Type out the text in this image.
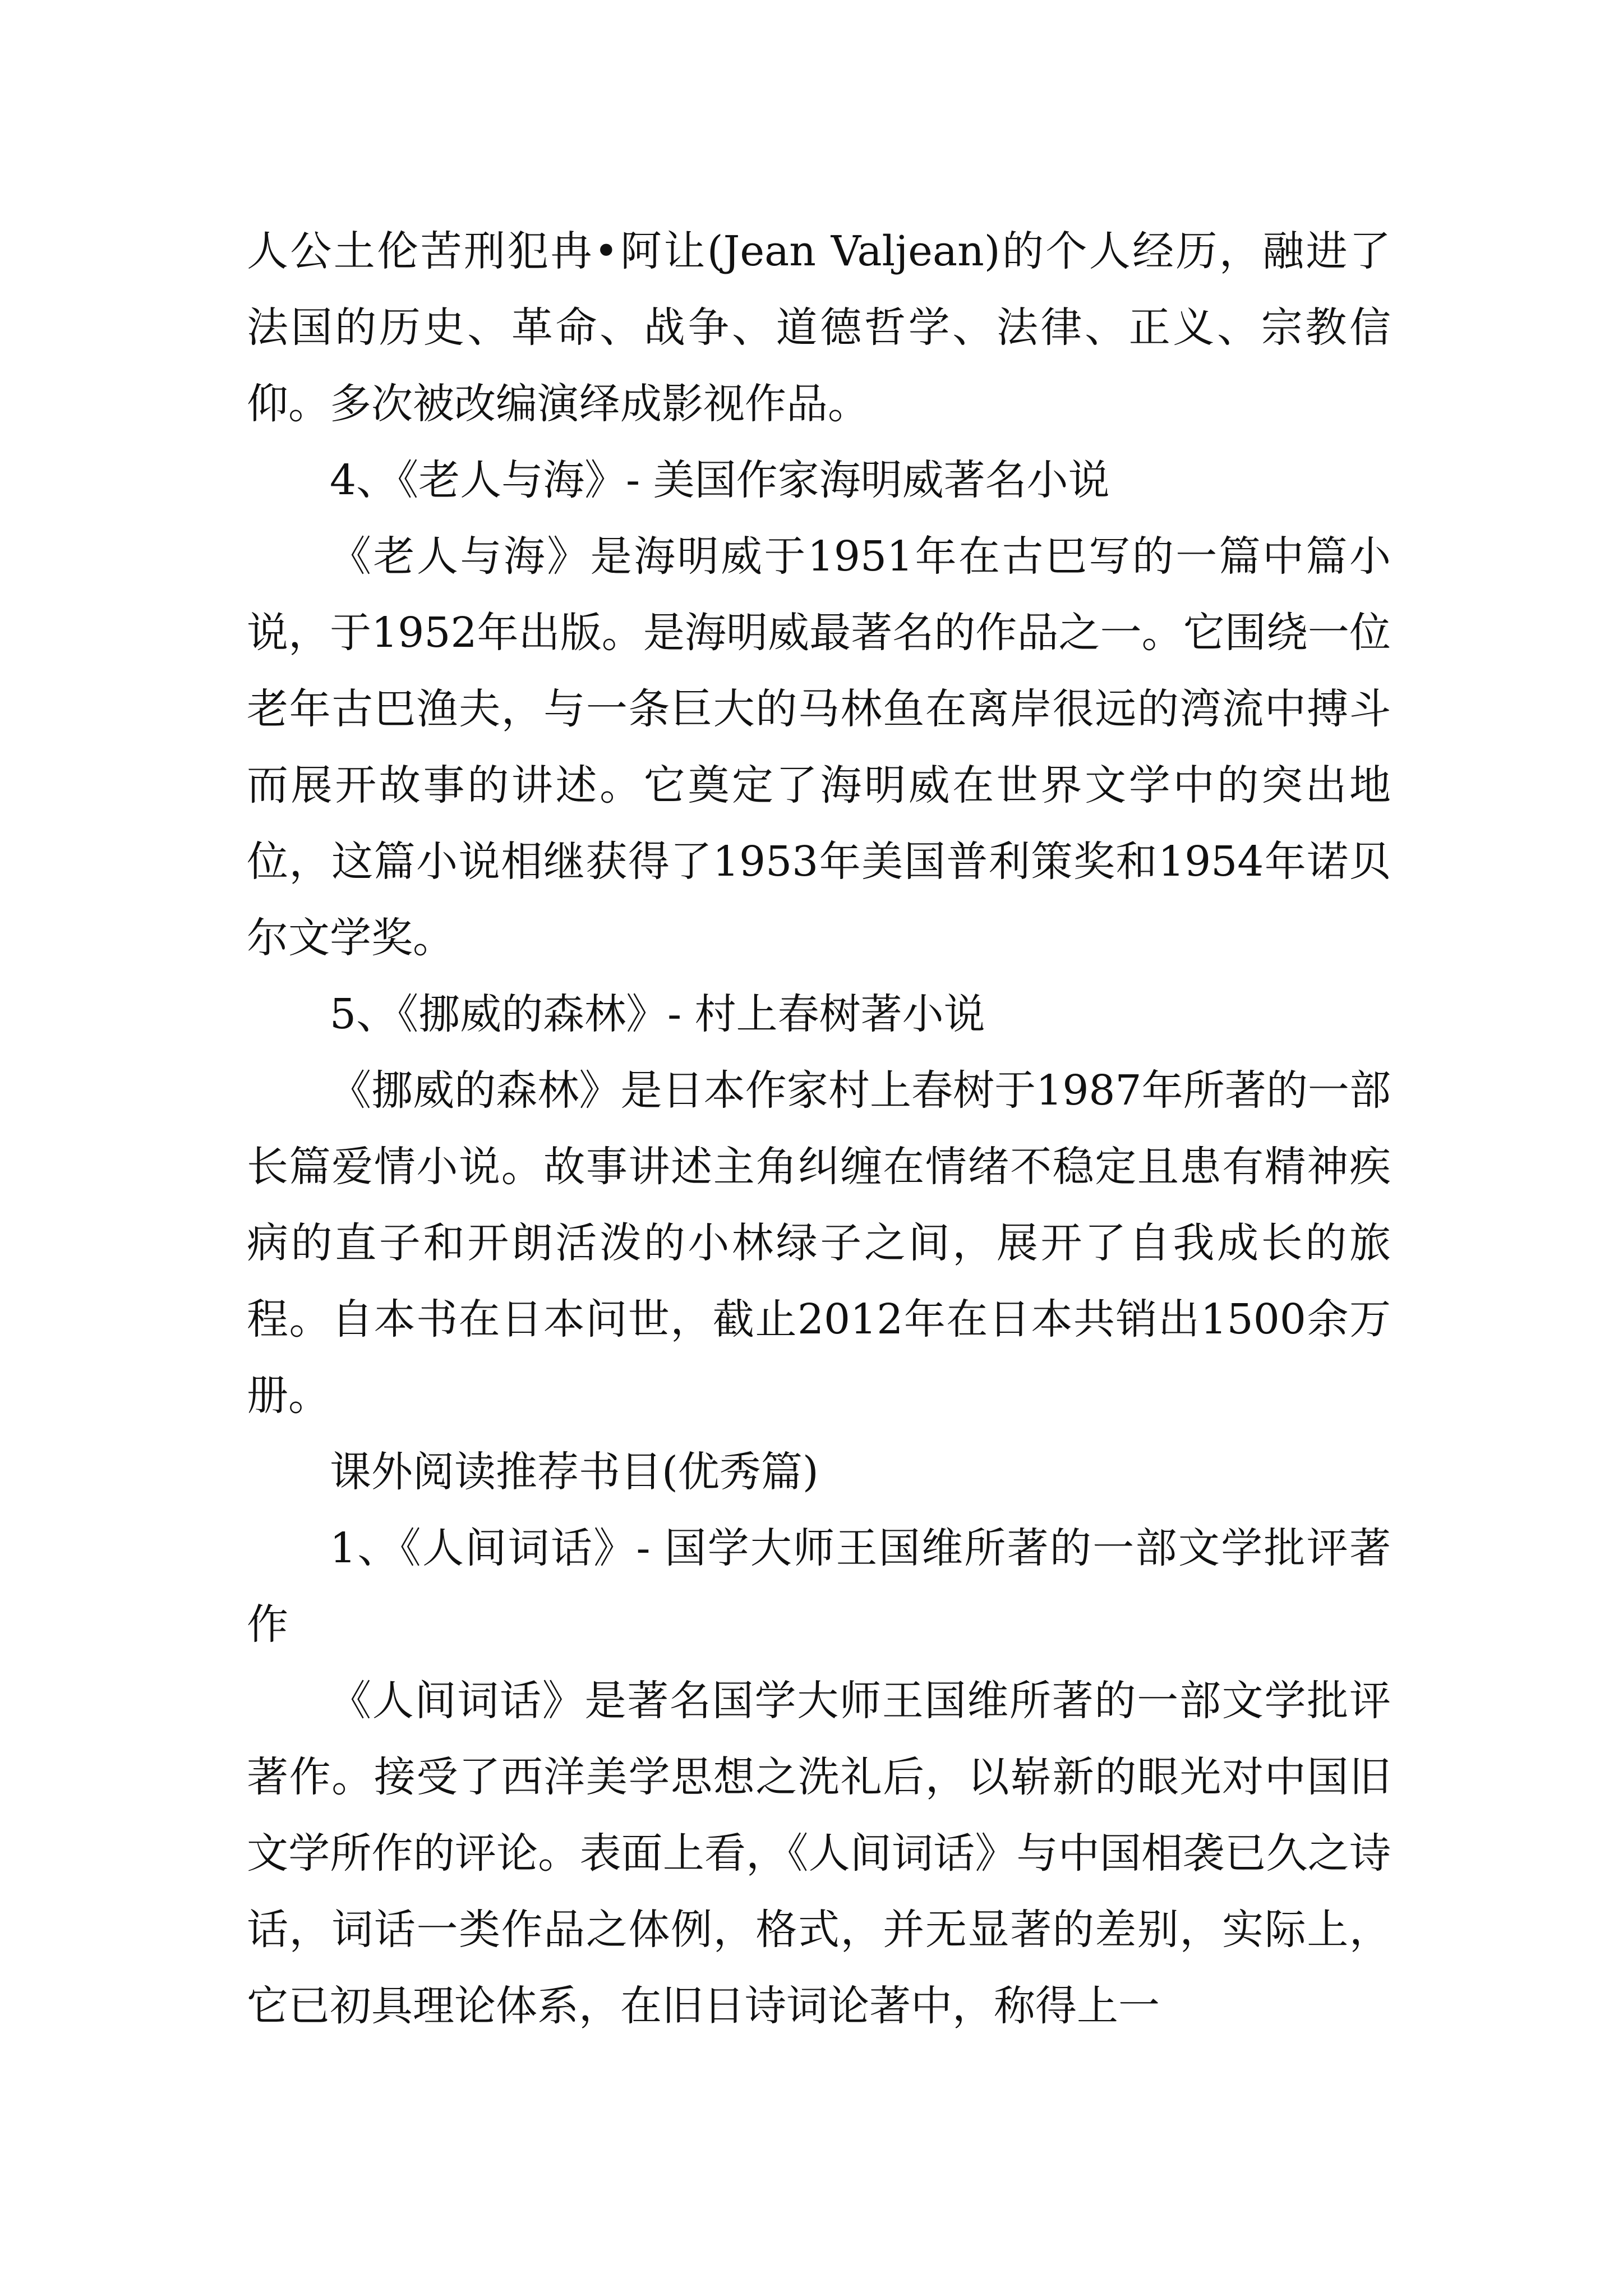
人公土伦苦刑犯冉•阿让(Jean Valjean)的个人经历，融进了法国的历史、革命、战争、道德哲学、法律、正义、宗教信仰。多次被改编演绎成影视作品。

4、《老人与海》- 美国作家海明威著名小说

《老人与海》是海明威于1951年在古巴写的一篇中篇小说，于1952年出版。是海明威最著名的作品之一。它围绕一位老年古巴渔夫，与一条巨大的马林鱼在离岸很远的湾流中搏斗而展开故事的讲述。它奠定了海明威在世界文学中的突出地位，这篇小说相继获得了1953年美国普利策奖和1954年诺贝尔文学奖。

5、《挪威的森林》- 村上春树著小说

《挪威的森林》是日本作家村上春树于1987年所著的一部长篇爱情小说。故事讲述主角纠缠在情绪不稳定且患有精神疾病的直子和开朗活泼的小林绿子之间，展开了自我成长的旅程。自本书在日本问世，截止2012年在日本共销出1500余万册。

课外阅读推荐书目(优秀篇)

1、《人间词话》- 国学大师王国维所著的一部文学批评著作

《人间词话》是著名国学大师王国维所著的一部文学批评著作。接受了西洋美学思想之洗礼后，以崭新的眼光对中国旧文学所作的评论。表面上看，《人间词话》与中国相袭已久之诗话，词话一类作品之体例，格式，并无显著的差别，实际上，它已初具理论体系，在旧日诗词论著中，称得上一
